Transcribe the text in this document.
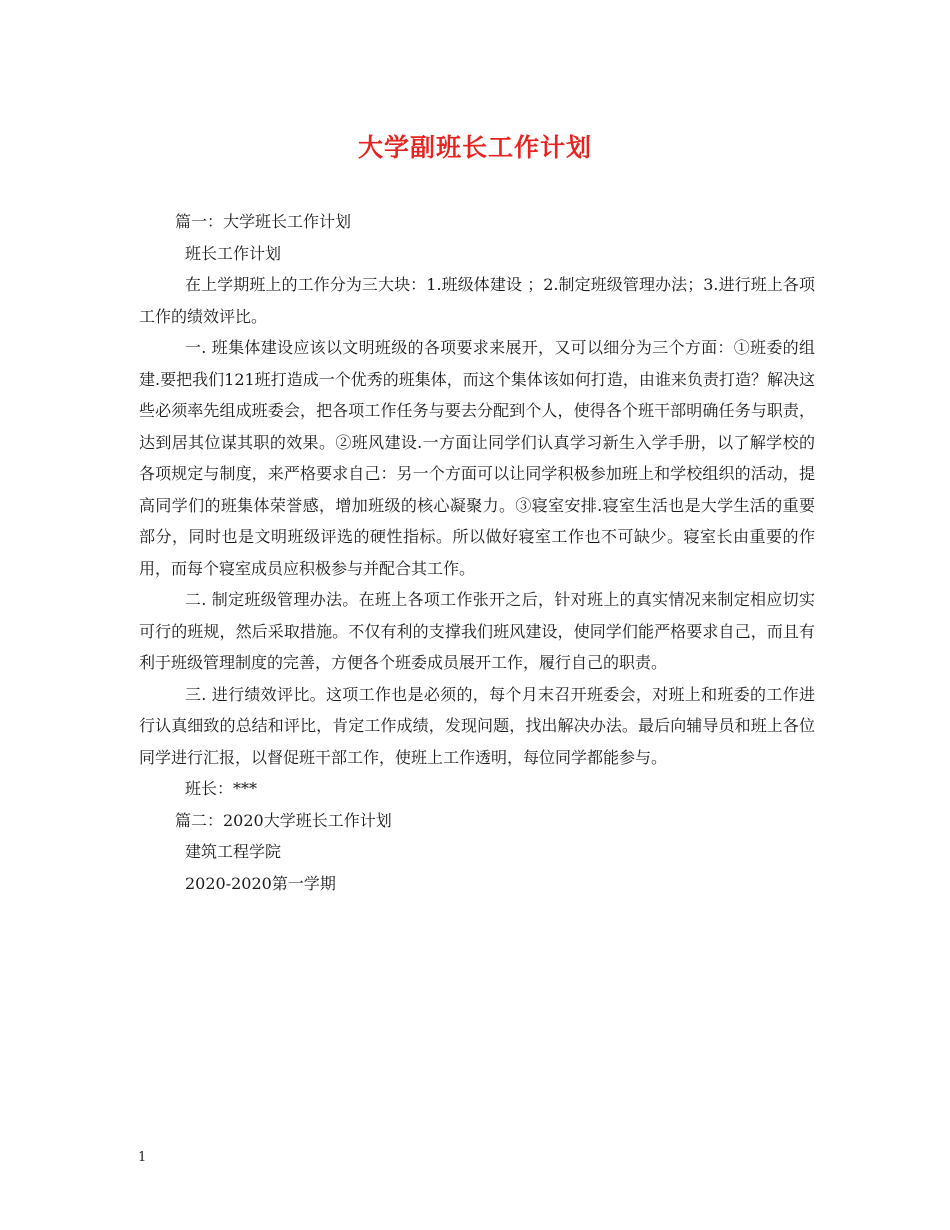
大学副班长工作计划

篇一：大学班长工作计划

班长工作计划

在上学期班上的工作分为三大块：1.班级体建设 ；2.制定班级管理办法；3.进行班上各项工作的绩效评比。

一. 班集体建设应该以文明班级的各项要求来展开，又可以细分为三个方面：①班委的组建.要把我们121班打造成一个优秀的班集体，而这个集体该如何打造，由谁来负责打造？解决这些必须率先组成班委会，把各项工作任务与要去分配到个人，使得各个班干部明确任务与职责，达到居其位谋其职的效果。②班风建设.一方面让同学们认真学习新生入学手册，以了解学校的各项规定与制度，来严格要求自己：另一个方面可以让同学积极参加班上和学校组织的活动，提高同学们的班集体荣誉感，增加班级的核心凝聚力。③寝室安排.寝室生活也是大学生活的重要部分，同时也是文明班级评选的硬性指标。所以做好寝室工作也不可缺少。寝室长由重要的作用，而每个寝室成员应积极参与并配合其工作。

二. 制定班级管理办法。在班上各项工作张开之后，针对班上的真实情况来制定相应切实可行的班规，然后采取措施。不仅有利的支撑我们班风建设，使同学们能严格要求自己，而且有利于班级管理制度的完善，方便各个班委成员展开工作，履行自己的职责。

三. 进行绩效评比。这项工作也是必须的，每个月末召开班委会，对班上和班委的工作进行认真细致的总结和评比，肯定工作成绩，发现问题，找出解决办法。最后向辅导员和班上各位同学进行汇报，以督促班干部工作，使班上工作透明，每位同学都能参与。

班长：***

篇二：2020大学班长工作计划

建筑工程学院

2020-2020第一学期

1
